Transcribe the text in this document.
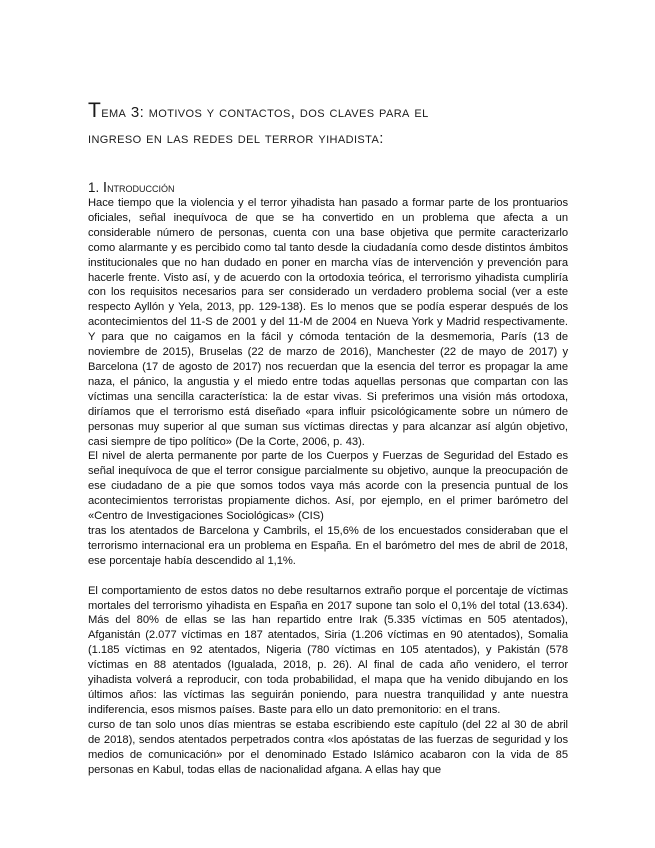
Tema 3: motivos y contactos, dos claves para el
ingreso en las redes del terror yihadista:
1. Introducción

Hace tiempo que la violencia y el terror yihadista han pasado a formar parte de los prontuarios oficiales, señal inequívoca de que se ha convertido en un problema que afecta a un considerable número de personas, cuenta con una base objetiva que permite caracterizarlo como alarmante y es percibido como tal tanto desde la ciudadanía como desde distintos ámbitos institucionales que no han dudado en poner en marcha vías de intervención y prevención para hacerle frente. Visto así, y de acuerdo con la ortodoxia teórica, el terrorismo yihadista cumpliría con los requisitos necesarios para ser considerado un verdadero problema social (ver a este respecto Ayllón y Yela, 2013, pp. 129-138). Es lo menos que se podía esperar después de los acontecimientos del 11-S de 2001 y del 11-M de 2004 en Nueva York y Madrid respectivamente. Y para que no caigamos en la fácil y cómoda tentación de la desmemoria, París (13 de noviembre de 2015), Bruselas (22 de marzo de 2016), Manchester (22 de mayo de 2017) y Barcelona (17 de agosto de 2017) nos recuerdan que la esencia del terror es propagar la ame naza, el pánico, la angustia y el miedo entre todas aquellas personas que compartan con las víctimas una sencilla característica: la de estar vivas. Si preferimos una visión más ortodoxa, diríamos que el terrorismo está diseñado «para influir psicológicamente sobre un número de personas muy superior al que suman sus víctimas directas y para alcanzar así algún objetivo, casi siempre de tipo político» (De la Corte, 2006, p. 43).

El nivel de alerta permanente por parte de los Cuerpos y Fuerzas de Seguridad del Estado es señal inequívoca de que el terror consigue parcialmente su objetivo, aunque la preocupación de ese ciudadano de a pie que somos todos vaya más acorde con la presencia puntual de los acontecimientos terroristas propiamente dichos. Así, por ejemplo, en el primer barómetro del «Centro de Investigaciones Sociológicas» (CIS)

tras los atentados de Barcelona y Cambrils, el 15,6% de los encuestados consideraban que el terrorismo internacional era un problema en España. En el barómetro del mes de abril de 2018, ese porcentaje había descendido al 1,1%.

El comportamiento de estos datos no debe resultarnos extraño porque el porcentaje de víctimas mortales del terrorismo yihadista en España en 2017 supone tan solo el 0,1% del total (13.634). Más del 80% de ellas se las han repartido entre Irak (5.335 víctimas en 505 atentados), Afganistán (2.077 víctimas en 187 atentados, Siria (1.206 víctimas en 90 atentados), Somalia (1.185 víctimas en 92 atentados, Nigeria (780 víctimas en 105 atentados), y Pakistán (578 víctimas en 88 atentados (Igualada, 2018, p. 26). Al final de cada año venidero, el terror yihadista volverá a reproducir, con toda probabilidad, el mapa que ha venido dibujando en los últimos años: las víctimas las seguirán poniendo, para nuestra tranquilidad y ante nuestra indiferencia, esos mismos países. Baste para ello un dato premonitorio: en el trans.

curso de tan solo unos días mientras se estaba escribiendo este capítulo (del 22 al 30 de abril de 2018), sendos atentados perpetrados contra «los apóstatas de las fuerzas de seguridad y los medios de comunicación» por el denominado Estado Islámico acabaron con la vida de 85 personas en Kabul, todas ellas de nacionalidad afgana. A ellas hay que
